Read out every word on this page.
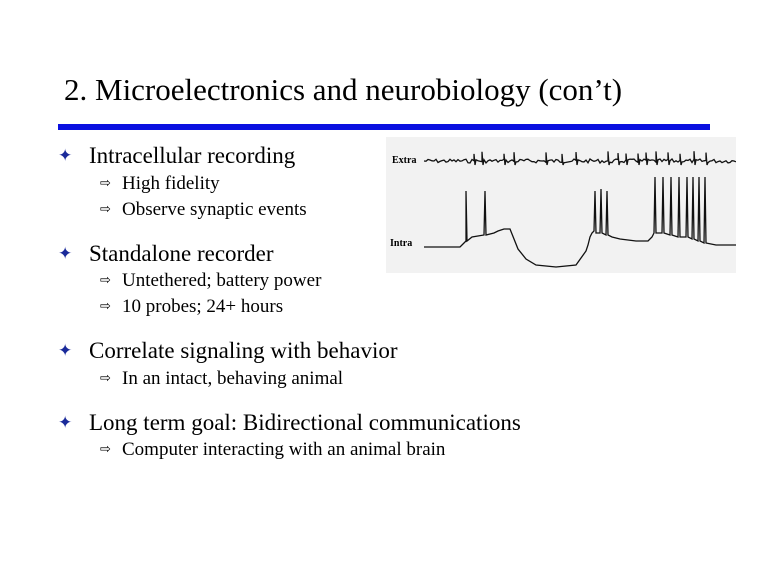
2. Microelectronics and neurobiology (con’t)
✦ Intracellular recording
⇨ High fidelity
⇨ Observe synaptic events
✦ Standalone recorder
⇨ Untethered; battery power
⇨ 10 probes; 24+ hours
✦ Correlate signaling with behavior
⇨ In an intact, behaving animal
✦ Long term goal: Bidirectional communications
⇨ Computer interacting with an animal brain
Extra
Intra
